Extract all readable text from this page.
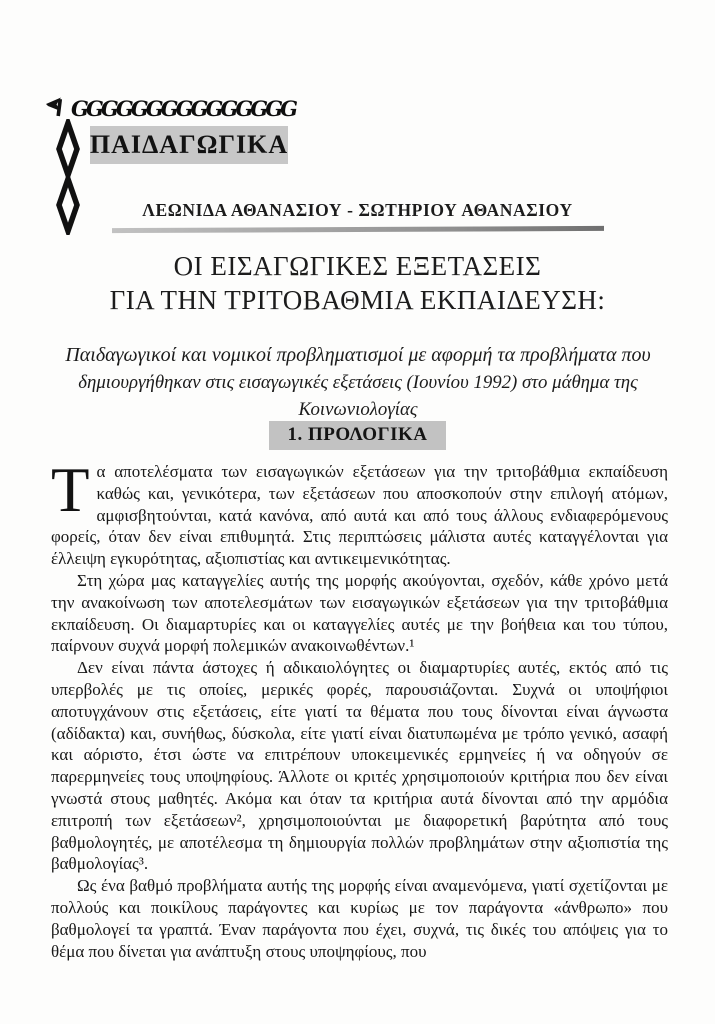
GGGGGGGGGGGGGGG
ΠΑΙΔΑΓΩΓΙΚΑ
ΛΕΩΝΙΔΑ ΑΘΑΝΑΣΙΟΥ - ΣΩΤΗΡΙΟΥ ΑΘΑΝΑΣΙΟΥ
ΟΙ ΕΙΣΑΓΩΓΙΚΕΣ ΕΞΕΤΑΣΕΙΣ
ΓΙΑ ΤΗΝ ΤΡΙΤΟΒΑΘΜΙΑ ΕΚΠΑΙΔΕΥΣΗ:
Παιδαγωγικοί και νομικοί προβληματισμοί με αφορμή τα προβλήματα που
δημιουργήθηκαν στις εισαγωγικές εξετάσεις (Ιουνίου 1992) στο μάθημα της Κοινωνιολογίας
1. ΠΡΟΛΟΓΙΚΑ

Τα αποτελέσματα των εισαγωγικών εξετάσεων για την τριτοβάθμια εκπαίδευση καθώς και, γενικότερα, των εξετάσεων που αποσκοπούν στην επιλογή ατόμων, αμφισβητούνται, κατά κανόνα, από αυτά και από τους άλλους ενδιαφερόμενους φορείς, όταν δεν είναι επιθυμητά. Στις περιπτώσεις μάλιστα αυτές καταγγέλονται για έλλειψη εγκυρότητας, αξιοπιστίας και αντικειμενικότητας.

Στη χώρα μας καταγγελίες αυτής της μορφής ακούγονται, σχεδόν, κάθε χρόνο μετά την ανακοίνωση των αποτελεσμάτων των εισαγωγικών εξετάσεων για την τριτοβάθμια εκπαίδευση. Οι διαμαρτυρίες και οι καταγγελίες αυτές με την βοήθεια και του τύπου, παίρνουν συχνά μορφή πολεμικών ανακοινωθέντων.¹

Δεν είναι πάντα άστοχες ή αδικαιολόγητες οι διαμαρτυρίες αυτές, εκτός από τις υπερβολές με τις οποίες, μερικές φορές, παρουσιάζονται. Συχνά οι υποψήφιοι αποτυγχάνουν στις εξετάσεις, είτε γιατί τα θέματα που τους δίνονται είναι άγνωστα (αδίδακτα) και, συνήθως, δύσκολα, είτε γιατί είναι διατυπωμένα με τρόπο γενικό, ασαφή και αόριστο, έτσι ώστε να επιτρέπουν υποκειμενικές ερμηνείες ή να οδηγούν σε παρερμηνείες τους υποψηφίους. Άλλοτε οι κριτές χρησιμοποιούν κριτήρια που δεν είναι γνωστά στους μαθητές. Ακόμα και όταν τα κριτήρια αυτά δίνονται από την αρμόδια επιτροπή των εξετάσεων², χρησιμοποιούνται με διαφορετική βαρύτητα από τους βαθμολογητές, με αποτέλεσμα τη δημιουργία πολλών προβλημάτων στην αξιοπιστία της βαθμολογίας³.

Ως ένα βαθμό προβλήματα αυτής της μορφής είναι αναμενόμενα, γιατί σχετίζονται με πολλούς και ποικίλους παράγοντες και κυρίως με τον παράγοντα «άνθρωπο» που βαθμολογεί τα γραπτά. Έναν παράγοντα που έχει, συχνά, τις δικές του απόψεις για το θέμα που δίνεται για ανάπτυξη στους υποψηφίους, που
